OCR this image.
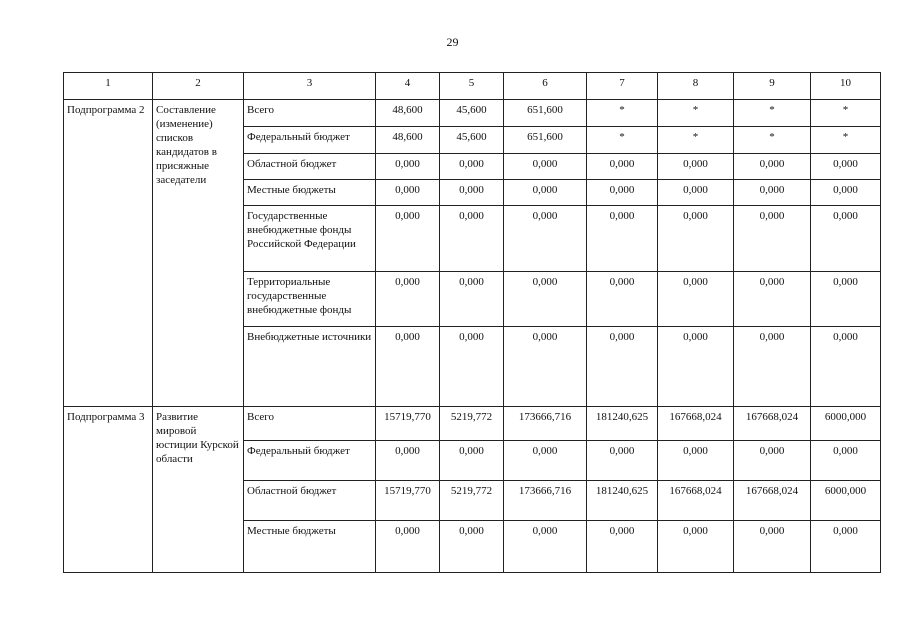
29
1	2	3	4	5	6	7	8	9	10
Подпрограмма 2	Составление (изменение) списков кандидатов в присяжные заседатели	Всего	48,600	45,600	651,600	*	*	*	*
		Федеральный бюджет	48,600	45,600	651,600	*	*	*	*
		Областной бюджет	0,000	0,000	0,000	0,000	0,000	0,000	0,000
		Местные бюджеты	0,000	0,000	0,000	0,000	0,000	0,000	0,000
		Государственные внебюджетные фонды Российской Федерации	0,000	0,000	0,000	0,000	0,000	0,000	0,000
		Территориальные государственные внебюджетные фонды	0,000	0,000	0,000	0,000	0,000	0,000	0,000
		Внебюджетные источники	0,000	0,000	0,000	0,000	0,000	0,000	0,000
Подпрограмма 3	Развитие мировой юстиции Курской области	Всего	15719,770	5219,772	173666,716	181240,625	167668,024	167668,024	6000,000
		Федеральный бюджет	0,000	0,000	0,000	0,000	0,000	0,000	0,000
		Областной бюджет	15719,770	5219,772	173666,716	181240,625	167668,024	167668,024	6000,000
		Местные бюджеты	0,000	0,000	0,000	0,000	0,000	0,000	0,000
